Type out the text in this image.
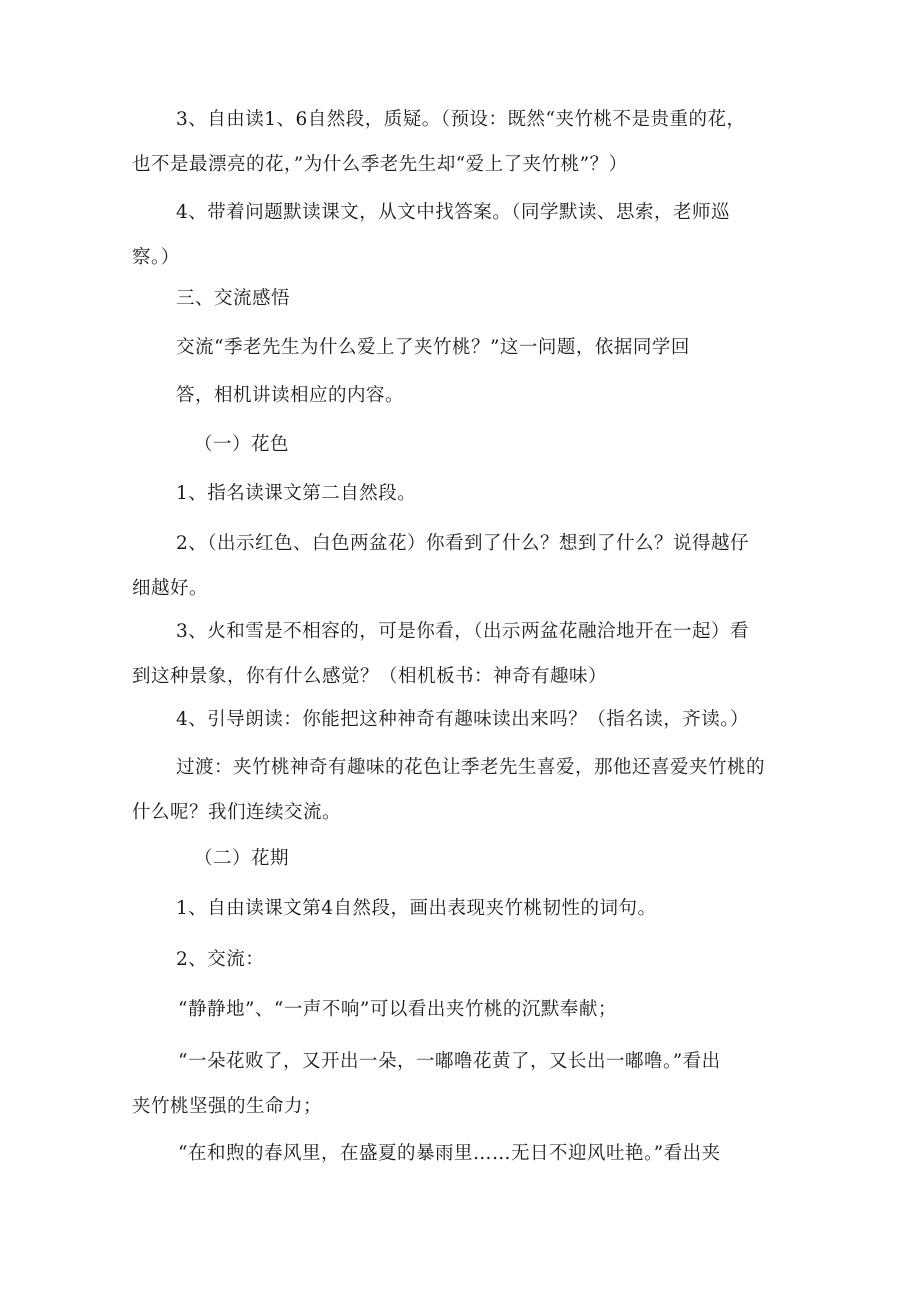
3、自由读1、6自然段，质疑。（预设：既然“夹竹桃不是贵重的花，
也不是最漂亮的花，”为什么季老先生却“爱上了夹竹桃”？）
4、带着问题默读课文，从文中找答案。（同学默读、思索，老师巡
察。）
三、交流感悟
交流“季老先生为什么爱上了夹竹桃？”这一问题，依据同学回
答，相机讲读相应的内容。
（一）花色
1、指名读课文第二自然段。
2、（出示红色、白色两盆花）你看到了什么？想到了什么？说得越仔
细越好。
3、火和雪是不相容的，可是你看，（出示两盆花融洽地开在一起）看
到这种景象，你有什么感觉？（相机板书：神奇有趣味）
4、引导朗读：你能把这种神奇有趣味读出来吗？（指名读，齐读。）
过渡：夹竹桃神奇有趣味的花色让季老先生喜爱，那他还喜爱夹竹桃的
什么呢？我们连续交流。
（二）花期
1、自由读课文第4自然段，画出表现夹竹桃韧性的词句。
2、交流：
“静静地”、“一声不响”可以看出夹竹桃的沉默奉献；
“一朵花败了，又开出一朵，一嘟噜花黄了，又长出一嘟噜。”看出
夹竹桃坚强的生命力；
“在和煦的春风里，在盛夏的暴雨里……无日不迎风吐艳。”看出夹
